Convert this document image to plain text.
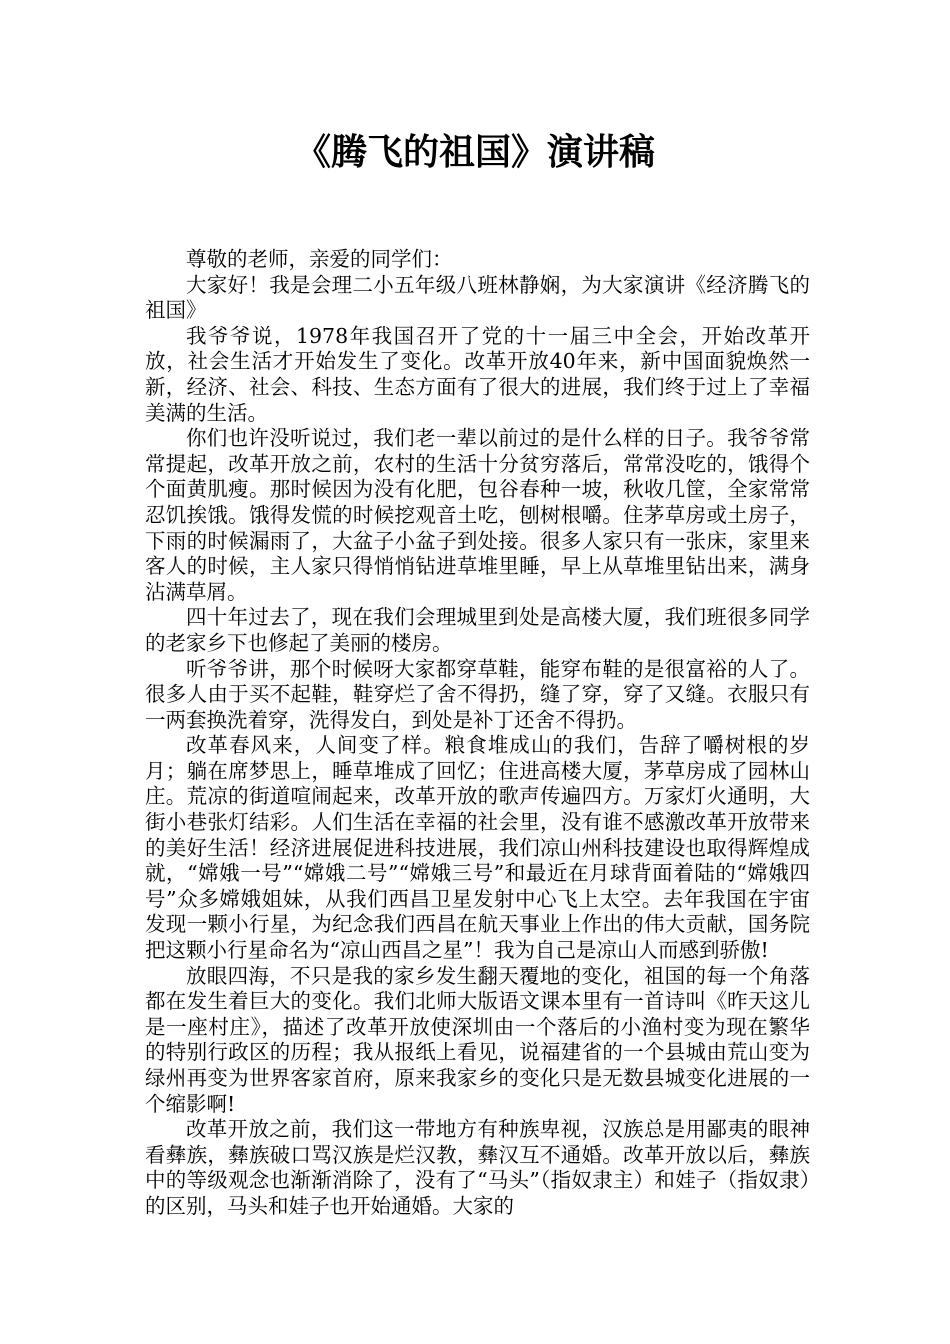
《腾飞的祖国》演讲稿

尊敬的老师，亲爱的同学们：

大家好！我是会理二小五年级八班林静娴，为大家演讲《经济腾飞的祖国》

我爷爷说，1978年我国召开了党的十一届三中全会，开始改革开放，社会生活才开始发生了变化。改革开放40年来，新中国面貌焕然一新，经济、社会、科技、生态方面有了很大的进展，我们终于过上了幸福美满的生活。

你们也许没听说过，我们老一辈以前过的是什么样的日子。我爷爷常常提起，改革开放之前，农村的生活十分贫穷落后，常常没吃的，饿得个个面黄肌瘦。那时候因为没有化肥，包谷春种一坡，秋收几筐，全家常常忍饥挨饿。饿得发慌的时候挖观音土吃，刨树根嚼。住茅草房或土房子，下雨的时候漏雨了，大盆子小盆子到处接。很多人家只有一张床，家里来客人的时候，主人家只得悄悄钻进草堆里睡，早上从草堆里钻出来，满身沾满草屑。

四十年过去了，现在我们会理城里到处是高楼大厦，我们班很多同学的老家乡下也修起了美丽的楼房。

听爷爷讲，那个时候呀大家都穿草鞋，能穿布鞋的是很富裕的人了。很多人由于买不起鞋，鞋穿烂了舍不得扔，缝了穿，穿了又缝。衣服只有一两套换洗着穿，洗得发白，到处是补丁还舍不得扔。

改革春风来，人间变了样。粮食堆成山的我们，告辞了嚼树根的岁月；躺在席梦思上，睡草堆成了回忆；住进高楼大厦，茅草房成了园林山庄。荒凉的街道喧闹起来，改革开放的歌声传遍四方。万家灯火通明，大街小巷张灯结彩。人们生活在幸福的社会里，没有谁不感激改革开放带来的美好生活！经济进展促进科技进展，我们凉山州科技建设也取得辉煌成就，“嫦娥一号”“嫦娥二号”“嫦娥三号”和最近在月球背面着陆的“嫦娥四号”众多嫦娥姐妹，从我们西昌卫星发射中心飞上太空。去年我国在宇宙发现一颗小行星，为纪念我们西昌在航天事业上作出的伟大贡献，国务院把这颗小行星命名为“凉山西昌之星”！我为自己是凉山人而感到骄傲!

放眼四海，不只是我的家乡发生翻天覆地的变化，祖国的每一个角落都在发生着巨大的变化。我们北师大版语文课本里有一首诗叫《昨天这儿是一座村庄》，描述了改革开放使深圳由一个落后的小渔村变为现在繁华的特别行政区的历程；我从报纸上看见，说福建省的一个县城由荒山变为绿州再变为世界客家首府，原来我家乡的变化只是无数县城变化进展的一个缩影啊!

改革开放之前，我们这一带地方有种族卑视，汉族总是用鄙夷的眼神看彝族，彝族破口骂汉族是烂汉教，彝汉互不通婚。改革开放以后，彝族中的等级观念也渐渐消除了，没有了“马头”（指奴隶主）和娃子（指奴隶）的区别，马头和娃子也开始通婚。大家的
